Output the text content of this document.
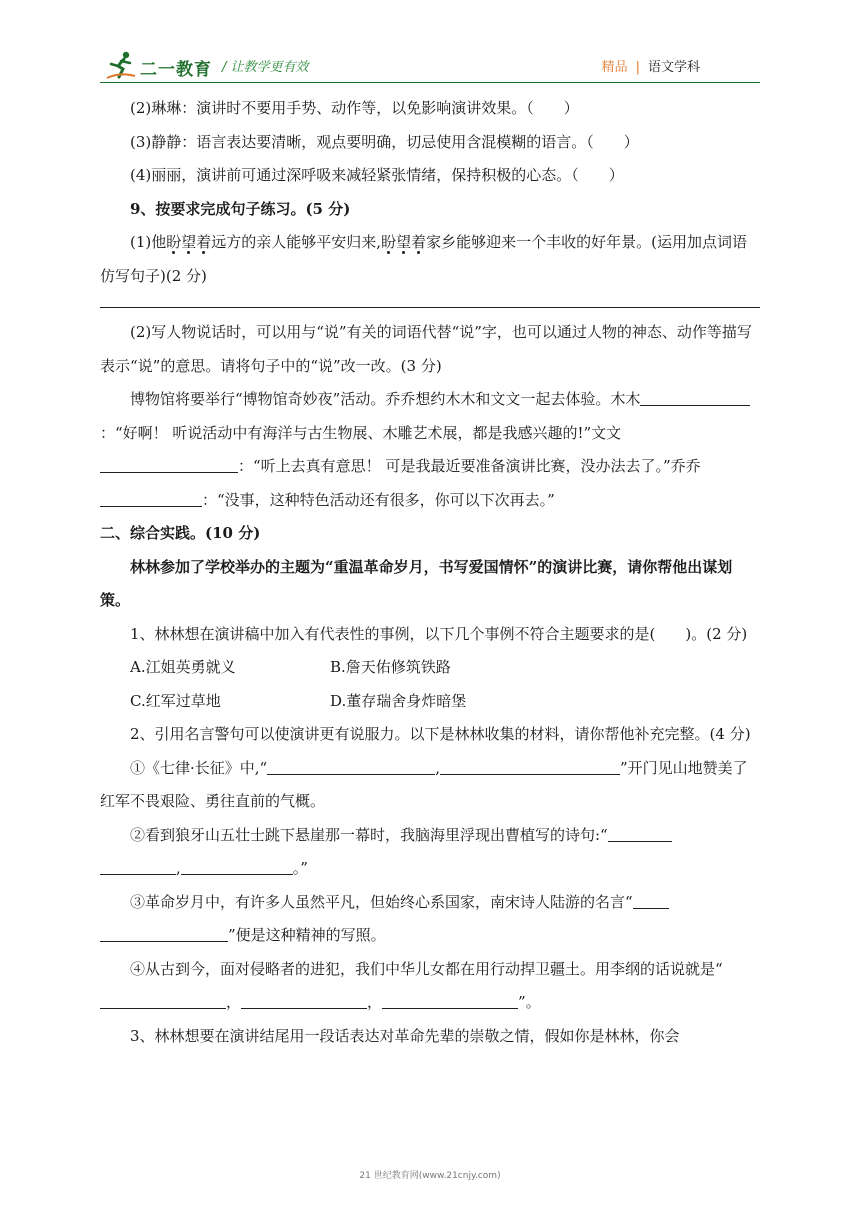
二一教育 / 让教学更有效	精品 | 语文学科

(2)琳琳：演讲时不要用手势、动作等，以免影响演讲效果。（　　）

(3)静静：语言表达要清晰，观点要明确，切忌使用含混模糊的语言。（　　）

(4)丽丽，演讲前可通过深呼吸来减轻紧张情绪，保持积极的心态。（　　）

9、按要求完成句子练习。(5 分)

(1)他盼望着远方的亲人能够平安归来,盼望着家乡能够迎来一个丰收的好年景。(运用加点词语仿写句子)(2 分)

(2)写人物说话时，可以用与“说”有关的词语代替“说”字，也可以通过人物的神态、动作等描写表示“说”的意思。请将句子中的“说”改一改。(3 分)

博物馆将要举行“博物馆奇妙夜”活动。乔乔想约木木和文文一起去体验。木木：“好啊！ 听说活动中有海洋与古生物展、木雕艺术展，都是我感兴趣的!”文文 ：“听上去真有意思！ 可是我最近要准备演讲比赛，没办法去了。”乔乔：“没事，这种特色活动还有很多，你可以下次再去。”

二、综合实践。(10 分)

林林参加了学校举办的主题为“重温革命岁月，书写爱国情怀”的演讲比赛，请你帮他出谋划策。

1、林林想在演讲稿中加入有代表性的事例，以下几个事例不符合主题要求的是(　　)。(2 分)

A.江姐英勇就义	B.詹天佑修筑铁路
C.红军过草地	D.董存瑞舍身炸暗堡

2、引用名言警句可以使演讲更有说服力。以下是林林收集的材料，请你帮他补充完整。(4 分)

①《七律·长征》中,“	,	”开门见山地赞美了红军不畏艰险、勇往直前的气概。

②看到狼牙山五壮士跳下悬崖那一幕时，我脑海里浮现出曹植写的诗句:“
,	。”

③革命岁月中，有许多人虽然平凡，但始终心系国家，南宋诗人陆游的名言“
”便是这种精神的写照。

④从古到今，面对侵略者的进犯，我们中华儿女都在用行动捍卫疆土。用李纲的话说就是“ ，	，	”。

3、林林想要在演讲结尾用一段话表达对革命先辈的崇敬之情，假如你是林林，你会

21 世纪教育网(www.21cnjy.com)
